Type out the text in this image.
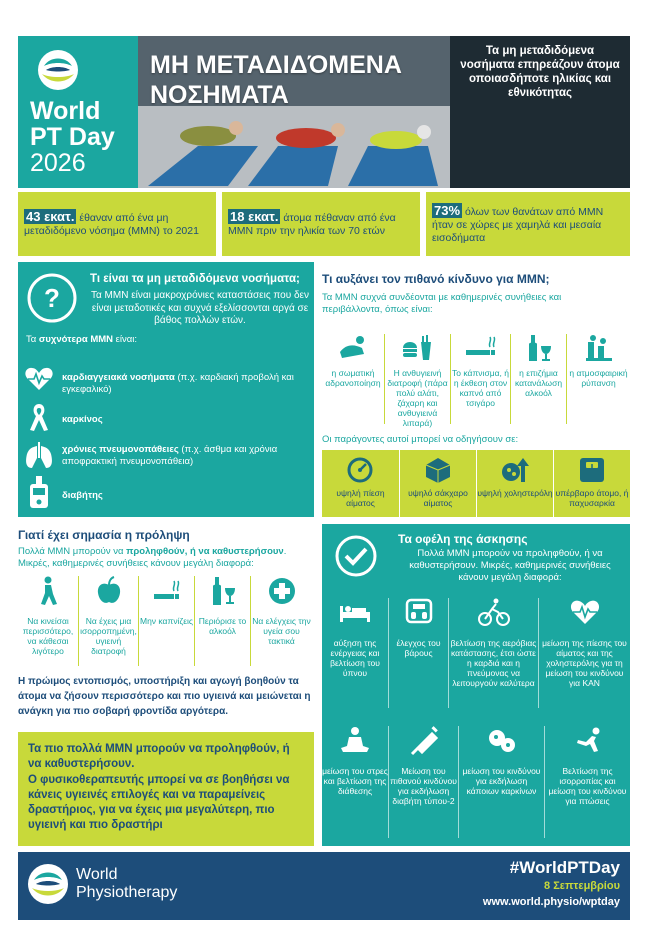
World
PT Day
2026
ΜΗ ΜΕΤΑΔΙΔΌΜΕΝΑ
ΝΟΣΗΜΑΤΑ
Τα μη μεταδιδόμενα νοσήματα επηρεάζουν άτομα οποιασδήποτε ηλικίας και εθνικότητας
43 εκατ. έθαναν από ένα μη μεταδιδόμενο νόσημα (ΜΜΝ) το 2021
18 εκατ. άτομα πέθαναν από ένα ΜΜΝ πριν την ηλικία των 70 ετών
73% όλων των θανάτων από ΜΜΝ ήταν σε χώρες με χαμηλά και μεσαία εισοδήματα
?
Τι είναι τα μη μεταδιδόμενα νοσήματα;
Τα ΜΜΝ είναι μακροχρόνιες καταστάσεις που δεν είναι μεταδοτικές και συχνά εξελίσσονται αργά σε βάθος πολλών ετών.
Τα συχνότερα ΜΜΝ είναι:
καρδιαγγειακά νοσήματα (π.χ. καρδιακή προβολή και εγκεφαλικό)
καρκίνος
χρόνιες πνευμονοπάθειες (π.χ. άσθμα και χρόνια αποφρακτική πνευμονοπάθεια)
διαβήτης
Τι αυξάνει τον πιθανό κίνδυνο για ΜΜΝ;
Τα ΜΜΝ συχνά συνδέονται με καθημερινές συνήθειες και περιβάλλοντα, όπως είναι:
η σωματική αδρανοποίηση
Η ανθυγιεινή διατροφή (πάρα πολύ αλάτι, ζάχαρη και ανθυγιεινά λιπαρά)
Το κάπνισμα, ή η έκθεση στον καπνό από τσιγάρο
η επιζήμια κατανάλωση αλκοόλ
η ατμοσφαιρική ρύπανση
Οι παράγοντες αυτοί μπορεί να οδηγήσουν σε:
υψηλή πίεση αίματος
υψηλό σάκχαρο αίματος
υψηλή χοληστερόλη υπέρβαρο άτομο, ή παχυσαρκία
Γιατί έχει σημασία η πρόληψη
Πολλά ΜΜΝ μπορούν να προληφθούν, ή να καθυστερήσουν. Μικρές, καθημερινές συνήθειες κάνουν μεγάλη διαφορά:
Να κινείσαι περισσότερο, να κάθεσαι λιγότερο
Να έχεις μια ισορροπημένη, υγιεινή διατροφή
Μην καπνίζεις Περιόρισε το αλκοόλ
Να ελέγχεις την υγεία σου τακτικά
Η πρώιμος εντοπισμός, υποστήριξη και αγωγή βοηθούν τα άτομα να ζήσουν περισσότερο και πιο υγιεινά και μειώνεται η ανάγκη για πιο σοβαρή φροντίδα αργότερα.
Τα οφέλη της άσκησης
Πολλά ΜΜΝ μπορούν να προληφθούν, ή να καθυστερήσουν. Μικρές, καθημερινές συνήθειες κάνουν μεγάλη διαφορά:
αύξηση της ενέργειας και βελτίωση του ύπνου
έλεγχος του βάρους
βελτίωση της αερόβιας κατάστασης, έτσι ώστε η καρδιά και η πνεύμονας να λειτουργούν καλύτερα
μείωση της πίεσης του αίματος και της χοληστερόλης για τη μείωση του κινδύνου για ΚΑΝ
μείωση του στρες και βελτίωση της διάθεσης
Μείωση του πιθανού κινδύνου για εκδήλωση διαβήτη τύπου-2
μείωση του κινδύνου για εκδήλωση κάποιων καρκίνων
Βελτίωση της ισορροπίας και μείωση του κινδύνου για πτώσεις
Τα πιο πολλά ΜΜΝ μπορούν να προληφθούν, ή να καθυστερήσουν.
Ο φυσικοθεραπευτής μπορεί να σε βοηθήσει να κάνεις υγιεινές επιλογές και να παραμείνεις δραστήριος, για να έχεις μια μεγαλύτερη, πιο υγιεινή και πιο δραστήρι
World
Physiotherapy
#WorldPTDay
8 Σεπτεμβρίου
www.world.physio/wptday
